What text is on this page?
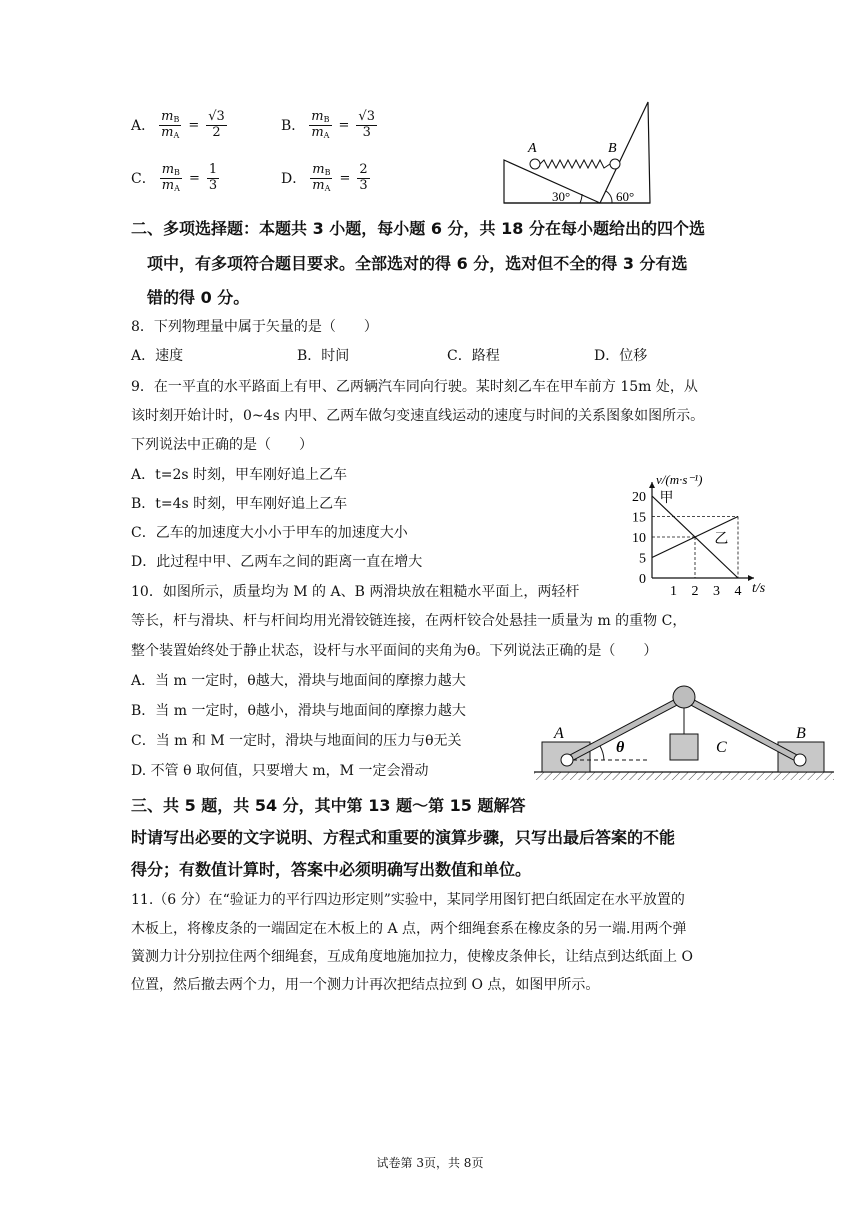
A． $\frac{m_B}{m_A} = \frac{√3}{2}$	B． $\frac{m_B}{m_A} = \frac{√3}{3}$
C． $\frac{m_B}{m_A} = \frac{1}{3}$	D． $\frac{m_B}{m_A} = \frac{2}{3}$
A	B
30°	60°
二、多项选择题：本题共 3 小题，每小题 6 分，共 18 分在每小题给出的四个选
项中，有多项符合题目要求。全部选对的得 6 分，选对但不全的得 3 分有选
错的得 0 分。
8．下列物理量中属于矢量的是（　　）
A．速度	B．时间	C．路程	D．位移
9．在一平直的水平路面上有甲、乙两辆汽车同向行驶。某时刻乙车在甲车前方 15m 处，从
该时刻开始计时，0~4s 内甲、乙两车做匀变速直线运动的速度与时间的关系图象如图所示。
下列说法中正确的是（　　）
A．t=2s 时刻，甲车刚好追上乙车
B．t=4s 时刻，甲车刚好追上乙车
C．乙车的加速度大小小于甲车的加速度大小
D．此过程中甲、乙两车之间的距离一直在增大
v/(m·s⁻¹)
t/s
0
5
10
15
20
1 2 3 4
甲
乙
10．如图所示，质量均为 M 的 A、B 两滑块放在粗糙水平面上，两轻杆
等长，杆与滑块、杆与杆间均用光滑铰链连接，在两杆铰合处悬挂一质量为 m 的重物 C，
整个装置始终处于静止状态，设杆与水平面间的夹角为θ。下列说法正确的是（　　）
A．当 m 一定时，θ越大，滑块与地面间的摩擦力越大
B．当 m 一定时，θ越小，滑块与地面间的摩擦力越大
C．当 m 和 M 一定时，滑块与地面间的压力与θ无关
D. 不管 θ 取何值，只要增大 m，M 一定会滑动
θ
A	B
C
三、共 5 题，共 54 分，其中第 13 题～第 15 题解答
时请写出必要的文字说明、方程式和重要的演算步骤，只写出最后答案的不能
得分；有数值计算时，答案中必须明确写出数值和单位。
11.（6 分）在“验证力的平行四边形定则”实验中，某同学用图钉把白纸固定在水平放置的
木板上，将橡皮条的一端固定在木板上的 A 点，两个细绳套系在橡皮条的另一端.用两个弹
簧测力计分别拉住两个细绳套，互成角度地施加拉力，使橡皮条伸长，让结点到达纸面上 O
位置，然后撤去两个力，用一个测力计再次把结点拉到 O 点，如图甲所示。
试卷第 3页，共 8页
